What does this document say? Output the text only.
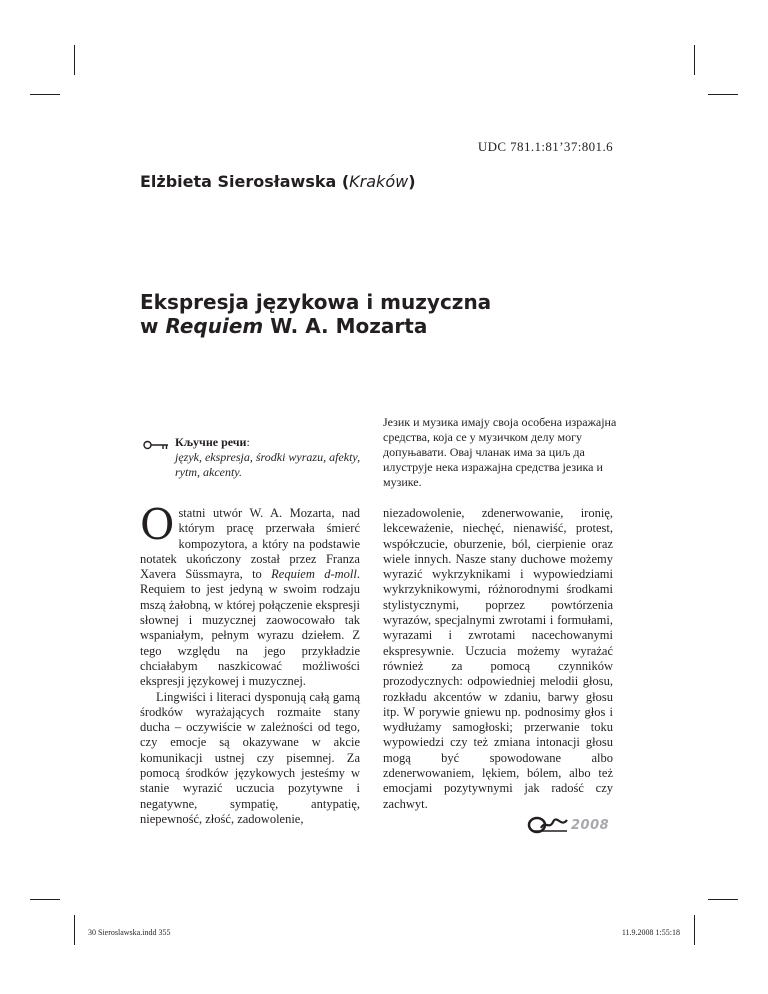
UDC 781.1:81’37:801.6
Elżbieta Sierosławska (Kraków)
Ekspresja językowa i muzyczna
w Requiem W. A. Mozarta
Кључне речи:
język, ekspresja, środki wyrazu, afekty, rytm, akcenty.
Језик и музика имају своја особена изражајна средства, која се у музичком делу могу допуњавати. Овај чланак има за циљ да илуструје нека изражајна средства језика и музике.

Ostatni utwór W. A. Mozarta, nad którym pracę przerwała śmierć kompozytora, a który na podstawie notatek ukończony został przez Franza Xavera Süssmayra, to Requiem d-moll. Requiem to jest jedyną w swoim rodzaju mszą żałobną, w której połączenie ekspresji słownej i muzycznej zaowocowało tak wspaniałym, pełnym wyrazu dziełem. Z tego względu na jego przykładzie chciałabym naszkicować możliwości ekspresji językowej i muzycznej.

Lingwiści i literaci dysponują całą gamą środków wyrażających rozmaite stany ducha – oczywiście w zależności od tego, czy emocje są okazywane w akcie komunikacji ustnej czy pisemnej. Za pomocą środków językowych jesteśmy w stanie wyrazić uczucia pozytywne i negatywne, sympatię, antypatię, niepewność, złość, zadowolenie,

niezadowolenie, zdenerwowanie, ironię, lekceważenie, niechęć, nienawiść, protest, współczucie, oburzenie, ból, cierpienie oraz wiele innych. Nasze stany duchowe możemy wyrazić wykrzyknikami i wypowiedziami wykrzyknikowymi, różnorodnymi środkami stylistycznymi, poprzez powtórzenia wyrazów, specjalnymi zwrotami i formułami, wyrazami i zwrotami nacechowanymi ekspresywnie. Uczucia możemy wyrażać również za pomocą czynników prozodycznych: odpowiedniej melodii głosu, rozkładu akcentów w zdaniu, barwy głosu itp. W porywie gniewu np. podnosimy głos i wydłużamy samogłoski; przerwanie toku wypowiedzi czy też zmiana intonacji głosu mogą być spowodowane albo zdenerwowaniem, lękiem, bólem, albo też emocjami pozytywnymi jak radość czy zachwyt.

2008
30 Sieroslawska.indd 355	11.9.2008 1:55:18
